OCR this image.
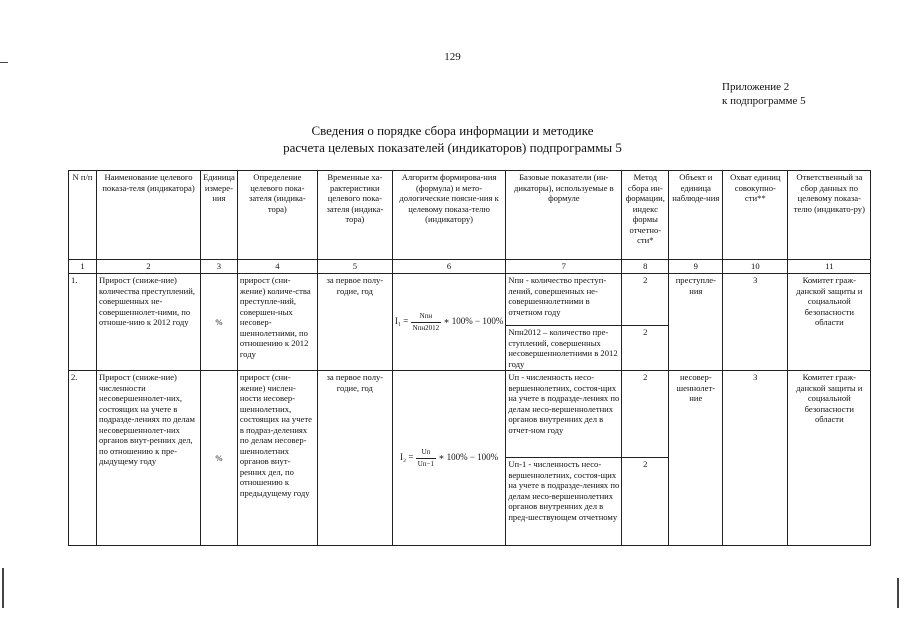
129
Приложение 2
к подпрограмме 5
Сведения о порядке сбора информации и методике
расчета целевых показателей (индикаторов) подпрограммы 5
N п/п	Наименование целевого показа-теля (индикатора)	Единица измере-ния	Определение целевого пока-зателя (индика-тора)	Временные ха-рактеристики целевого пока-зателя (индика-тора)	Алгоритм формирова-ния (формула) и мето-дологические поясне-ния к целевому показа-телю (индикатору)	Базовые показатели (ин-дикаторы), используемые в формуле	Метод сбора ин-формации, индекс формы отчетно-сти*	Объект и единица наблюде-ния	Охват единиц совокупно-сти**	Ответственный за сбор данных по целевому показа-телю (индикато-ру)
1	2	3	4	5	6	7	8	9	10	11
1.	Прирост (сниже-ние) количества преступлений, совершенных не-совершеннолет-ними, по отноше-нию к 2012 году	%	прирост (сни-жение) количе-ства преступле-ний, совершен-ных несовер-шеннолетними, по отношению к 2012 году	за первое полу-годие, год	$I_1 = \frac{\text{Nпн}}{\text{Nпн2012}}$ ∗ 100% − 100%	Nпн - количество преступ-лений, совершенных не-совершеннолетними в отчетном году	2	преступле-ния	3	Комитет граж-данской защиты и социальной безопасности области
						Nпн2012 – количество пре-ступлений, совершенных несовершеннолетними в 2012 году	2			
2.	Прирост (сниже-ние) численности несовершеннолет-них, состоящих на учете в подразде-лениях по делам несовершеннолет-них органов внут-ренних дел, по отношению к пре-дыдущему году	%	прирост (сни-жение) числен-ности несовер-шеннолетних, состоящих на учете в подраз-делениях по делам несовер-шеннолетних органов внут-ренних дел, по отношению к предыдущему году	за первое полу-годие, год	$I_2 = \frac{Uп}{Uп-1}$ ∗ 100% − 100%	Uп - численность несо-вершеннолетних, состоя-щих на учете в подразде-лениях по делам несо-вершеннолетних органов внутренних дел в отчет-ном году	2	несовер-шеннолет-ние	3	Комитет граж-данской защиты и социальной безопасности области
						Uп-1 - численность несо-вершеннолетних, состоя-щих на учете в подразде-лениях по делам несо-вершеннолетних органов внутренних дел в пред-шествующем отчетному	2			
